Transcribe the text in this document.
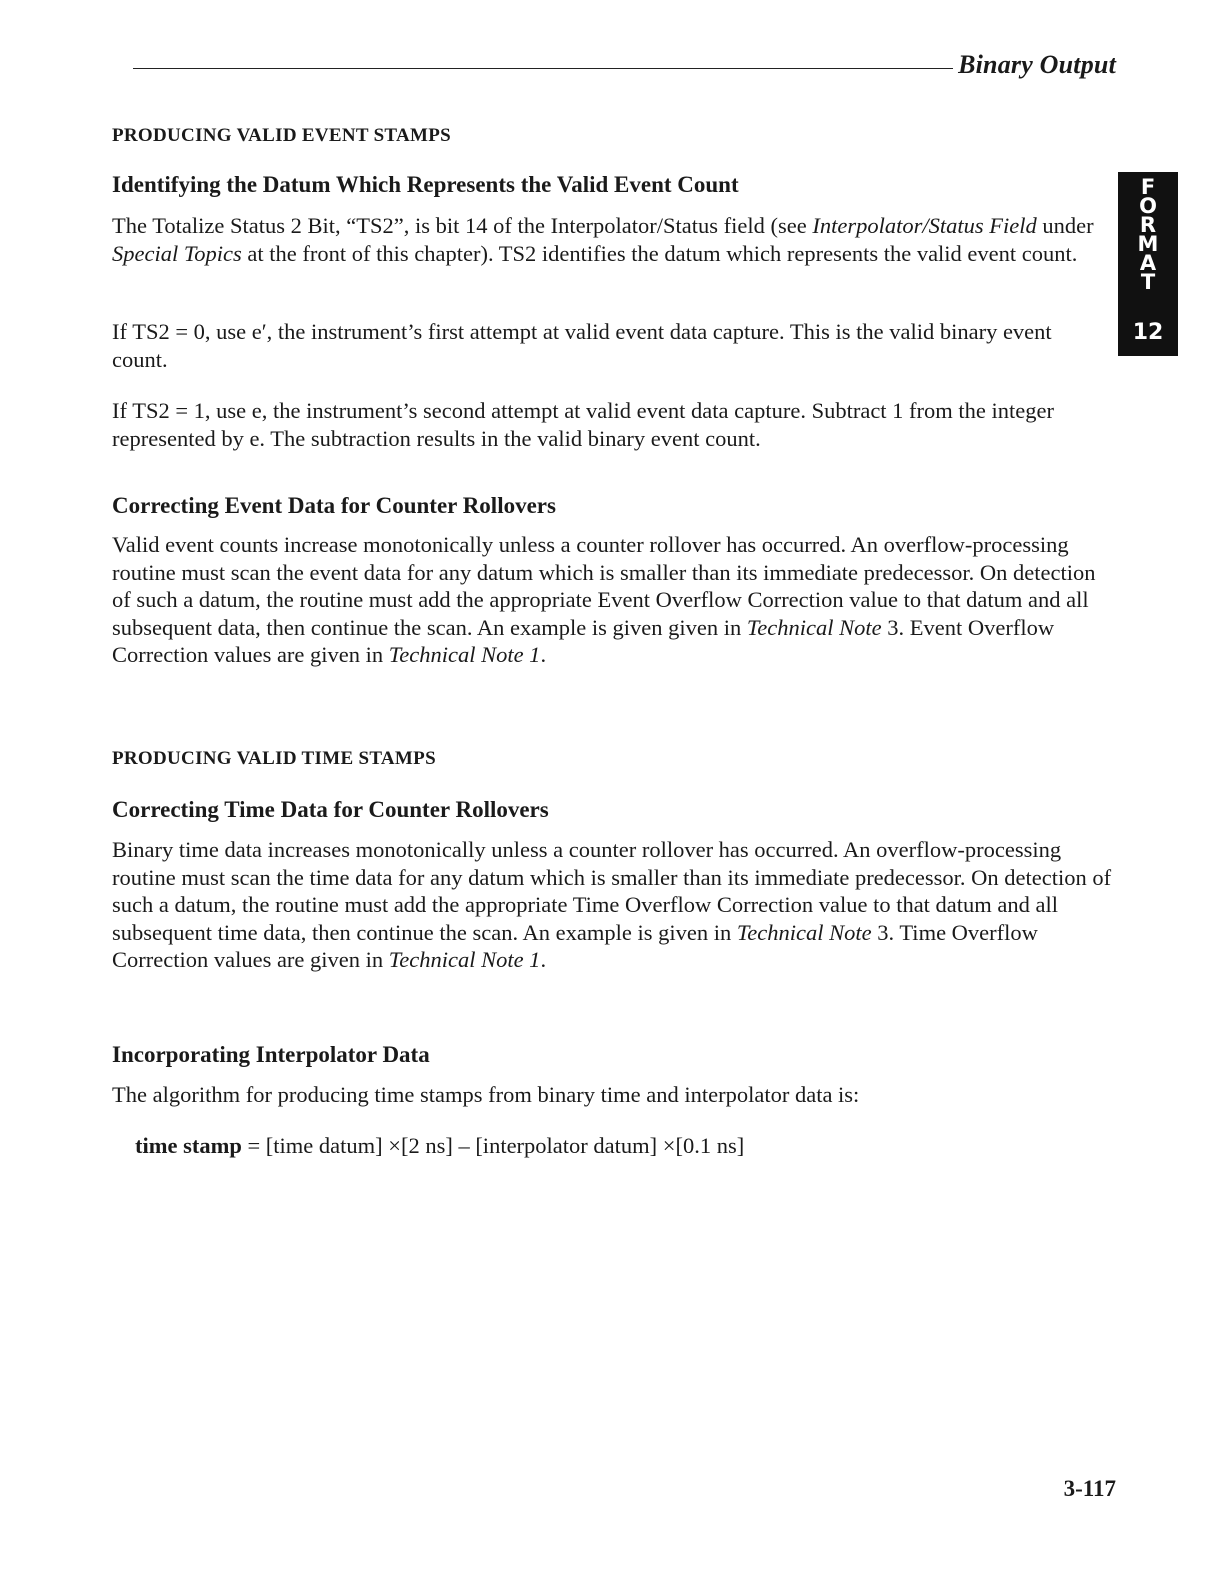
Binary Output
F
O
R
M
A
T
12
PRODUCING VALID EVENT STAMPS
Identifying the Datum Which Represents the Valid Event Count
The Totalize Status 2 Bit, “TS2”, is bit 14 of the Interpolator/Status field (see Interpolator/Status Field under Special Topics at the front of this chapter). TS2 identifies the datum which represents the valid event count.
If TS2 = 0, use e′, the instrument’s first attempt at valid event data capture. This is the valid binary event count.
If TS2 = 1, use e, the instrument’s second attempt at valid event data capture. Subtract 1 from the integer represented by e. The subtraction results in the valid binary event count.
Correcting Event Data for Counter Rollovers
Valid event counts increase monotonically unless a counter rollover has occurred. An overflow-processing routine must scan the event data for any datum which is smaller than its immediate predecessor. On detection of such a datum, the routine must add the appropriate Event Overflow Correction value to that datum and all subsequent data, then continue the scan. An example is given given in Technical Note 3. Event Overflow Correction values are given in Technical Note 1.
PRODUCING VALID TIME STAMPS
Correcting Time Data for Counter Rollovers
Binary time data increases monotonically unless a counter rollover has occurred. An overflow-processing routine must scan the time data for any datum which is smaller than its immediate predecessor. On detection of such a datum, the routine must add the appropriate Time Overflow Correction value to that datum and all subsequent time data, then continue the scan. An example is given in Technical Note 3. Time Overflow Correction values are given in Technical Note 1.
Incorporating Interpolator Data
The algorithm for producing time stamps from binary time and interpolator data is:
time stamp = [time datum] ×[2 ns] – [interpolator datum] ×[0.1 ns]
3-117
